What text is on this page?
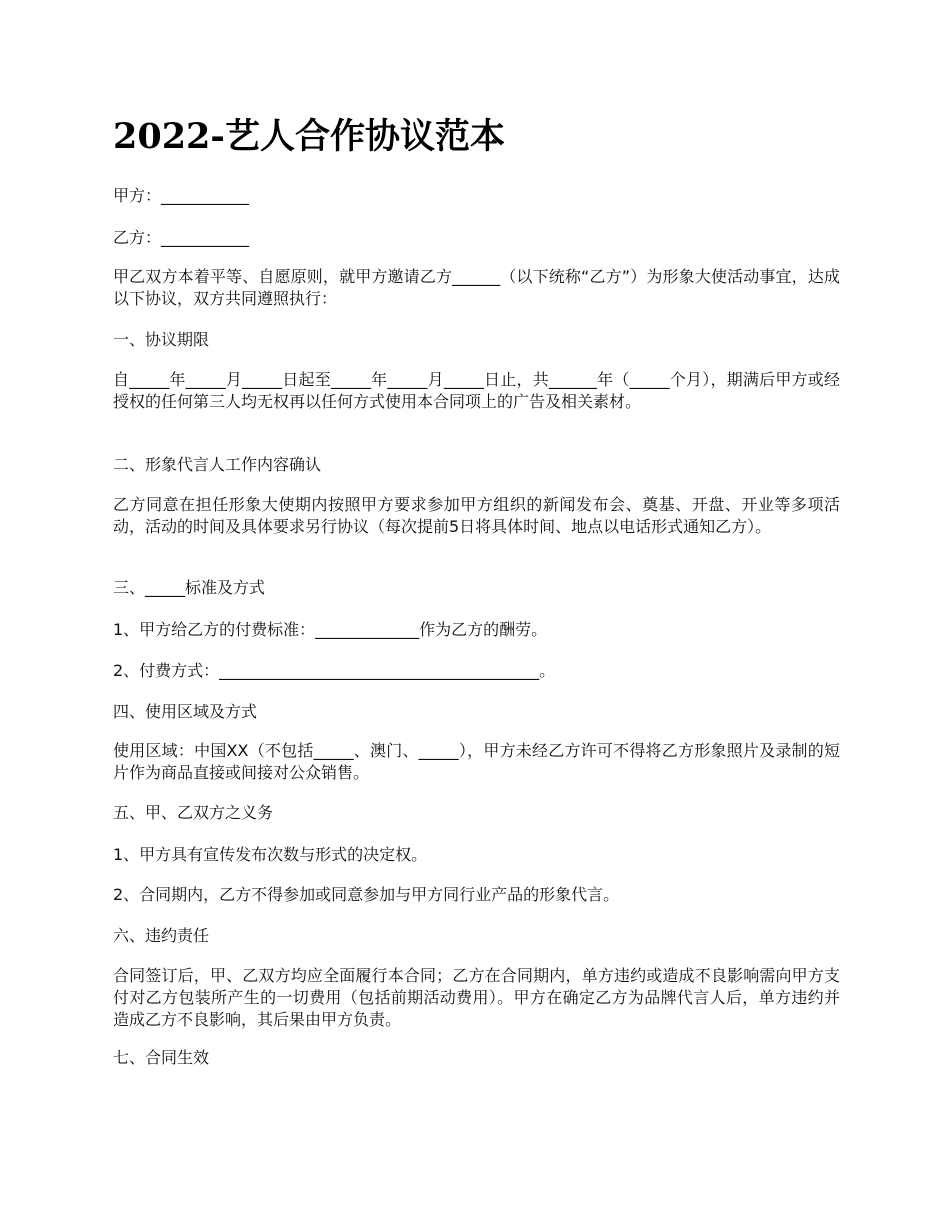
2022-艺人合作协议范本

甲方：___________

乙方：___________

甲乙双方本着平等、自愿原则，就甲方邀请乙方______（以下统称“乙方”）为形象大使活动事宜，达成以下协议，双方共同遵照执行：

一、协议期限

自_____年_____月_____日起至_____年_____月_____日止，共______年（_____个月），期满后甲方或经授权的任何第三人均无权再以任何方式使用本合同项上的广告及相关素材。

二、形象代言人工作内容确认

乙方同意在担任形象大使期内按照甲方要求参加甲方组织的新闻发布会、奠基、开盘、开业等多项活动，活动的时间及具体要求另行协议（每次提前5日将具体时间、地点以电话形式通知乙方）。

三、_____标准及方式

1、甲方给乙方的付费标准：_____________作为乙方的酬劳。

2、付费方式：________________________________________。

四、使用区域及方式

使用区域：中国XX（不包括_____、澳门、_____），甲方未经乙方许可不得将乙方形象照片及录制的短片作为商品直接或间接对公众销售。

五、甲、乙双方之义务

1、甲方具有宣传发布次数与形式的决定权。

2、合同期内，乙方不得参加或同意参加与甲方同行业产品的形象代言。

六、违约责任

合同签订后，甲、乙双方均应全面履行本合同；乙方在合同期内，单方违约或造成不良影响需向甲方支付对乙方包装所产生的一切费用（包括前期活动费用）。甲方在确定乙方为品牌代言人后，单方违约并造成乙方不良影响，其后果由甲方负责。

七、合同生效
